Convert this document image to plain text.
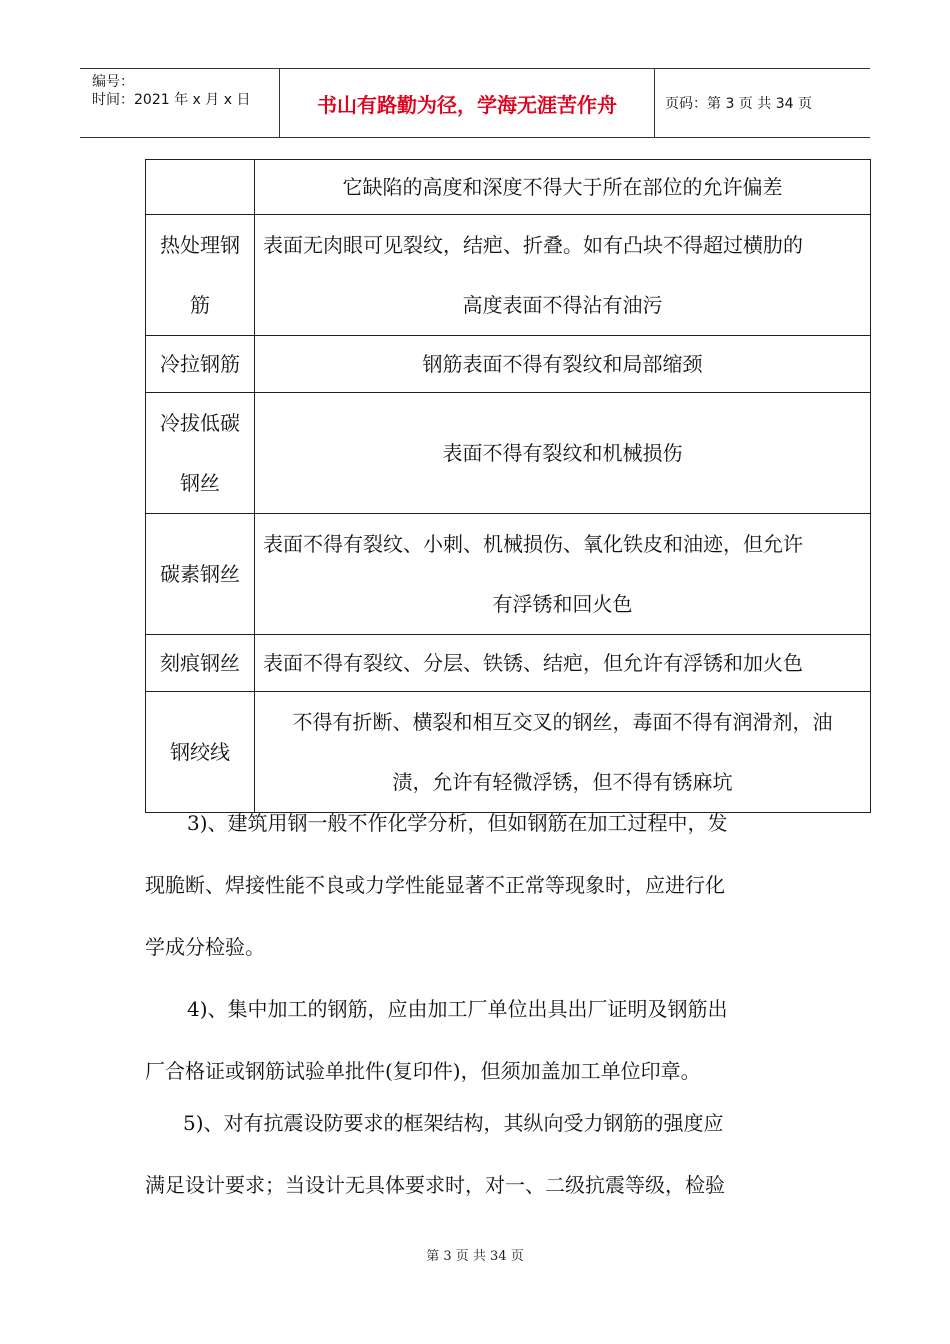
编号：
时间：2021 年 x 月 x 日	书山有路勤为径，学海无涯苦作舟	页码：第 3 页 共 34 页

	它缺陷的高度和深度不得大于所在部位的允许偏差

热处理钢
筋	表面无肉眼可见裂纹，结疤、折叠。如有凸块不得超过横肋的
高度表面不得沾有油污

冷拉钢筋	钢筋表面不得有裂纹和局部缩颈

冷拔低碳
钢丝	表面不得有裂纹和机械损伤

碳素钢丝	表面不得有裂纹、小刺、机械损伤、氧化铁皮和油迹，但允许
有浮锈和回火色

刻痕钢丝	表面不得有裂纹、分层、铁锈、结疤，但允许有浮锈和加火色
钢绞线	不得有折断、横裂和相互交叉的钢丝，毒面不得有润滑剂，油
渍，允许有轻微浮锈，但不得有锈麻坑
3)、建筑用钢一般不作化学分析，但如钢筋在加工过程中，发
现脆断、焊接性能不良或力学性能显著不正常等现象时，应进行化
学成分检验。
4)、集中加工的钢筋，应由加工厂单位出具出厂证明及钢筋出
厂合格证或钢筋试验单批件(复印件)，但须加盖加工单位印章。
5)、对有抗震设防要求的框架结构，其纵向受力钢筋的强度应
满足设计要求；当设计无具体要求时，对一、二级抗震等级，检验
第 3 页 共 34 页
